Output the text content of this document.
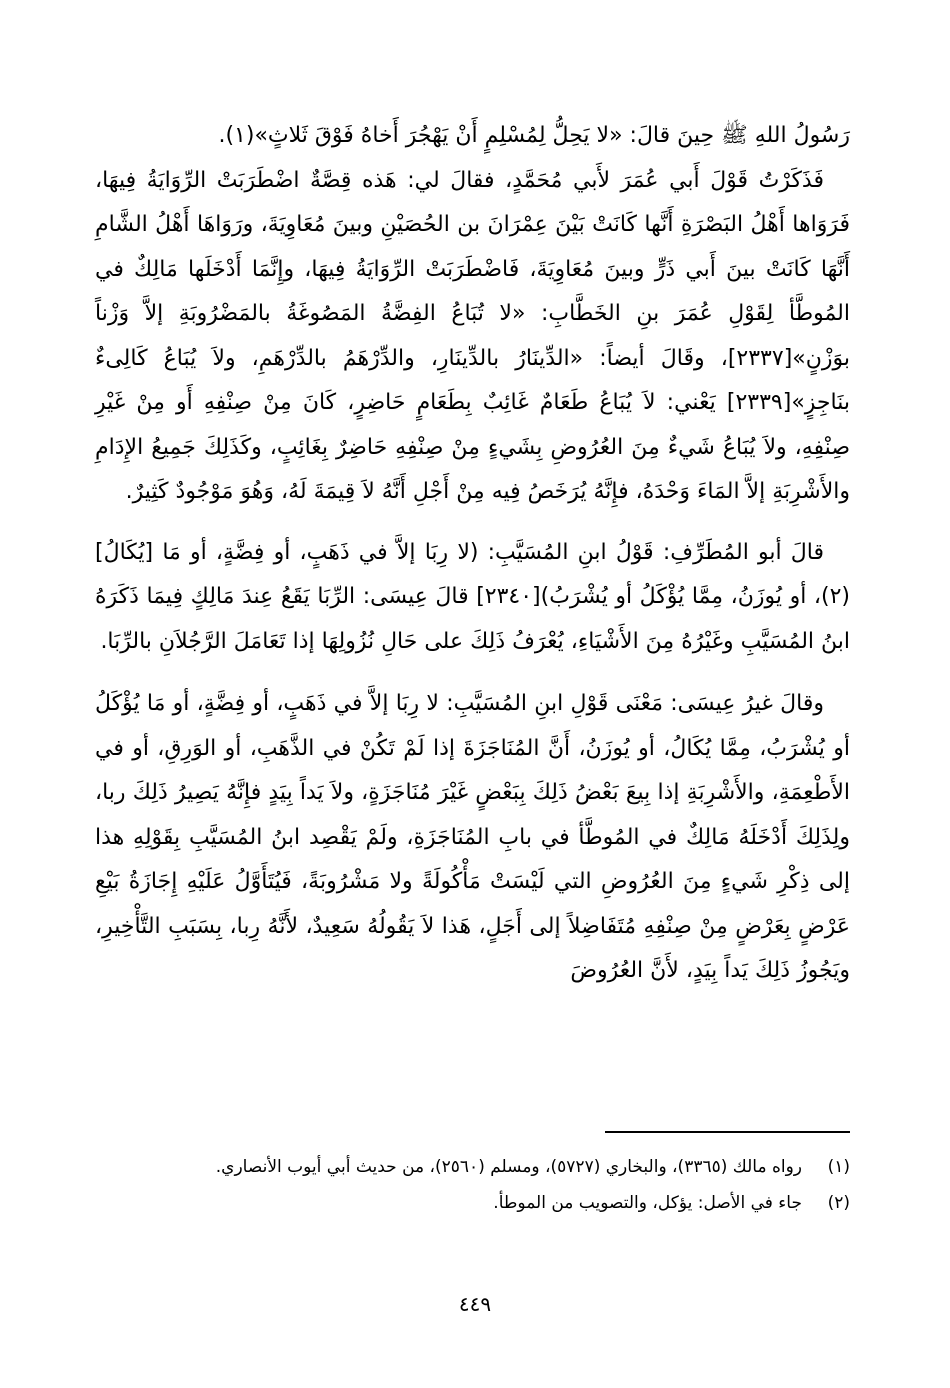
رَسُولُ اللهِ ﷺ حِينَ قالَ: «لا يَحِلُّ لِمُسْلِمٍ أَنْ يَهْجُرَ أَخاهُ فَوْقَ ثَلاثٍ»(١).

فَذَكَرْتُ قَوْلَ أَبي عُمَرَ لأَبي مُحَمَّدٍ، فقالَ لي: هَذه قِصَّةٌ اضْطَرَبَتْ الرِّوَايَةُ فِيهَا، فَرَوَاها أَهْلُ البَصْرَةِ أَنَّها كَانَتْ بَيْنَ عِمْرَانَ بن الحُصَيْنِ وبينَ مُعَاوِيَةَ، ورَوَاهَا أَهْلُ الشَّامِ أَنَّهَا كَانَتْ بينَ أَبي ذَرٍّ وبينَ مُعَاوِيَةَ، فَاضْطَرَبَتْ الرِّوَايَةُ فِيهَا، وإِنَّمَا أَدْخَلَها مَالِكٌ في المُوطَّأ لِقَوْلِ عُمَرَ بنِ الخَطَّابِ: «لا تُبَاعُ الفِضَّةُ المَصُوغَةُ بالمَضْرُوبَةِ إلاَّ وَزْناً بوَزْنٍ»[٢٣٣٧]، وقَالَ أيضاً: «الدِّينَارُ بالدِّينَارِ، والدِّرْهَمُ بالدِّرْهَمِ، ولاَ يُبَاعُ كَالِىءٌ بنَاجِزٍ»[٢٣٣٩] يَعْني: لاَ يُبَاعُ طَعَامٌ غَائِبٌ بِطَعَامٍ حَاضِرٍ، كَانَ مِنْ صِنْفِهِ أَو مِنْ غَيْرِ صِنْفِهِ، ولاَ يُبَاعُ شَيءٌ مِنَ العُرُوضِ بِشَيءٍ مِنْ صِنْفِهِ حَاضِرٌ بِغَائِبٍ، وكَذَلِكَ جَمِيعُ الإِدَامِ والأَشْرِبَةِ إلاَّ المَاءَ وَحْدَهُ، فإِنَّهُ يُرَخَصُ فِيه مِنْ أَجْلِ أَنَّهُ لاَ قِيمَةَ لَهُ، وَهُوَ مَوْجُودٌ كَثِيرٌ.

قالَ أبو المُطَرِّفِ: قَوْلُ ابنِ المُسَيَّبِ: (لا رِبَا إلاَّ في ذَهَبٍ، أو فِضَّةٍ، أو مَا [يُكَالُ](٢)، أو يُوزَنُ، مِمَّا يُؤْكَلُ أو يُشْرَبُ)[٢٣٤٠] قالَ عِيسَى: الرِّبَا يَقَعُ عِندَ مَالِكٍ فِيمَا ذَكَرَهُ ابنُ المُسَيَّبِ وغَيْرُهُ مِنَ الأَشْيَاءِ، يُعْرَفُ ذَلِكَ على حَالِ نُزُولِهَا إذا تَعَامَلَ الرَّجُلاَنِ بالرِّبَا.

وقالَ غيرُ عِيسَى: مَعْنَى قَوْلِ ابنِ المُسَيَّبِ: لا رِبَا إلاَّ في ذَهَبٍ، أو فِضَّةٍ، أو مَا يُؤْكَلُ أو يُشْرَبُ، مِمَّا يُكَالُ، أو يُوزَنُ، أَنَّ المُنَاجَزَةَ إذا لَمْ تَكُنْ في الذَّهَبِ، أو الوَرِقِ، أو في الأَطْعِمَةِ، والأَشْرِبَةِ إذا بِيعَ بَعْضُ ذَلِكَ بِبَعْضٍ غَيْرَ مُنَاجَزَةٍ، ولاَ يَداً بِيَدٍ فإِنَّهُ يَصِيرُ ذَلِكَ ربا، ولِذَلِكَ أَدْخَلَهُ مَالِكٌ في المُوطَّأ في بابِ المُنَاجَزَةِ، ولَمْ يَقْصِد ابنُ المُسَيَّبِ بِقَوْلِهِ هذا إلى ذِكْرِ شَيءٍ مِنَ العُرُوضِ التي لَيْسَتْ مَأْكُولَةً ولا مَشْرُوبَةً، فَيُتَأَوَّلُ عَلَيْهِ إِجَازَةُ بَيْعِ عَرْضٍ بِعَرْضٍ مِنْ صِنْفِهِ مُتَفَاضِلاً إلى أَجَلٍ، هَذا لاَ يَقُولُهُ سَعِيدٌ، لأَنَّهُ رِبا، بِسَبَبِ التَّأْخِيرِ، ويَجُوزُ ذَلِكَ يَداً بِيَدٍ، لأَنَّ العُرُوضَ

(١)
رواه مالك (٣٣٦٥)، والبخاري (٥٧٢٧)، ومسلم (٢٥٦٠)، من حديث أبي أيوب الأنصاري.
(٢)
جاء في الأصل: يؤكل، والتصويب من الموطأ.
٤٤٩
